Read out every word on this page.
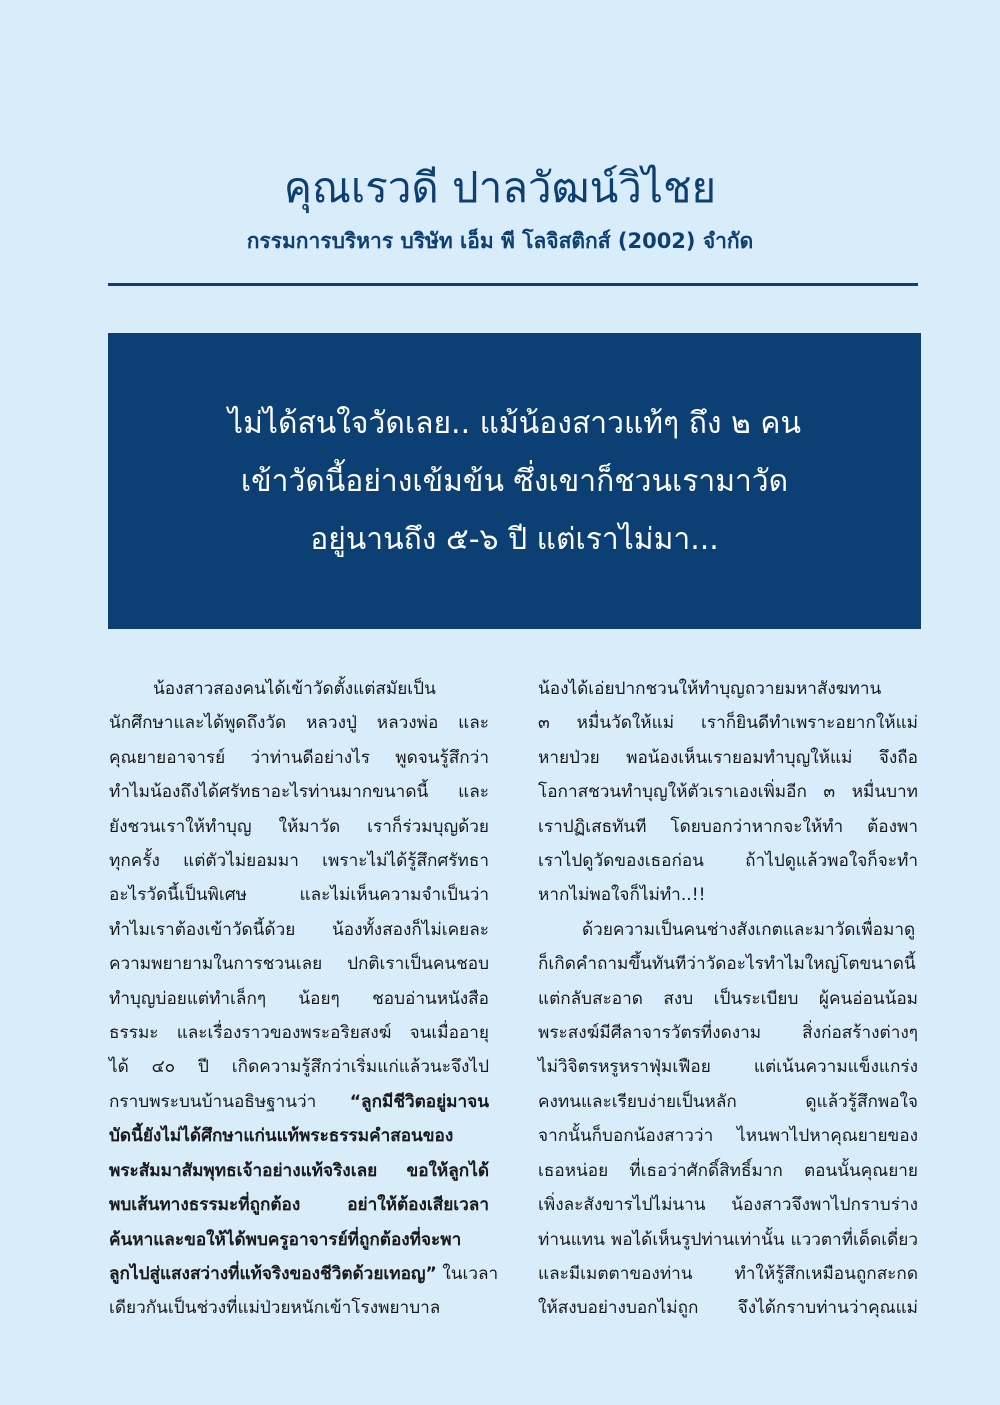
คุณเรวดี ปาลวัฒน์วิไชย
กรรมการบริหาร บริษัท เอ็ม พี โลจิสติกส์ (2002) จำกัด
ไม่ได้สนใจวัดเลย.. แม้น้องสาวแท้ๆ ถึง ๒ คน
เข้าวัดนี้อย่างเข้มข้น ซึ่งเขาก็ชวนเรามาวัด
อยู่นานถึง ๕-๖ ปี แต่เราไม่มา...
น้องสาวสองคนได้เข้าวัดตั้งแต่สมัยเป็น
นักศึกษาและได้พูดถึงวัด หลวงปู่ หลวงพ่อ และ
คุณยายอาจารย์ ว่าท่านดีอย่างไร พูดจนรู้สึกว่า
ทำไมน้องถึงได้ศรัทธาอะไรท่านมากขนาดนี้ และ
ยังชวนเราให้ทำบุญ ให้มาวัด เราก็ร่วมบุญด้วย
ทุกครั้ง แต่ตัวไม่ยอมมา เพราะไม่ได้รู้สึกศรัทธา
อะไรวัดนี้เป็นพิเศษ และไม่เห็นความจำเป็นว่า
ทำไมเราต้องเข้าวัดนี้ด้วย น้องทั้งสองก็ไม่เคยละ
ความพยายามในการชวนเลย ปกติเราเป็นคนชอบ
ทำบุญบ่อยแต่ทำเล็กๆ น้อยๆ ชอบอ่านหนังสือ
ธรรมะ และเรื่องราวของพระอริยสงฆ์ จนเมื่ออายุ
ได้ ๔๐ ปี เกิดความรู้สึกว่าเริ่มแก่แล้วนะจึงไป
กราบพระบนบ้านอธิษฐานว่า “ลูกมีชีวิตอยู่มาจน
บัดนี้ยังไม่ได้ศึกษาแก่นแท้พระธรรมคำสอนของ
พระสัมมาสัมพุทธเจ้าอย่างแท้จริงเลย ขอให้ลูกได้
พบเส้นทางธรรมะที่ถูกต้อง อย่าให้ต้องเสียเวลา
ค้นหาและขอให้ได้พบครูอาจารย์ที่ถูกต้องที่จะพา
ลูกไปสู่แสงสว่างที่แท้จริงของชีวิตด้วยเทอญ” ในเวลา
เดียวกันเป็นช่วงที่แม่ป่วยหนักเข้าโรงพยาบาล
น้องได้เอ่ยปากชวนให้ทำบุญถวายมหาสังฆทาน
๓ หมื่นวัดให้แม่ เราก็ยินดีทำเพราะอยากให้แม่
หายป่วย พอน้องเห็นเรายอมทำบุญให้แม่ จึงถือ
โอกาสชวนทำบุญให้ตัวเราเองเพิ่มอีก ๓ หมื่นบาท
เราปฏิเสธทันที โดยบอกว่าหากจะให้ทำ ต้องพา
เราไปดูวัดของเธอก่อน ถ้าไปดูแล้วพอใจก็จะทำ
หากไม่พอใจก็ไม่ทำ..!!
ด้วยความเป็นคนช่างสังเกตและมาวัดเพื่อมาดู
ก็เกิดคำถามขึ้นทันทีว่าวัดอะไรทำไมใหญ่โตขนาดนี้
แต่กลับสะอาด สงบ เป็นระเบียบ ผู้คนอ่อนน้อม
พระสงฆ์มีศีลาจารวัตรที่งดงาม สิ่งก่อสร้างต่างๆ
ไม่วิจิตรหรูหราฟุ่มเฟือย แต่เน้นความแข็งแกร่ง
คงทนและเรียบง่ายเป็นหลัก ดูแล้วรู้สึกพอใจ
จากนั้นก็บอกน้องสาวว่า ไหนพาไปหาคุณยายของ
เธอหน่อย ที่เธอว่าศักดิ์สิทธิ์มาก ตอนนั้นคุณยาย
เพิ่งละสังขารไปไม่นาน น้องสาวจึงพาไปกราบร่าง
ท่านแทน พอได้เห็นรูปท่านเท่านั้น แววตาที่เด็ดเดี่ยว
และมีเมตตาของท่าน ทำให้รู้สึกเหมือนถูกสะกด
ให้สงบอย่างบอกไม่ถูก จึงได้กราบท่านว่าคุณแม่
